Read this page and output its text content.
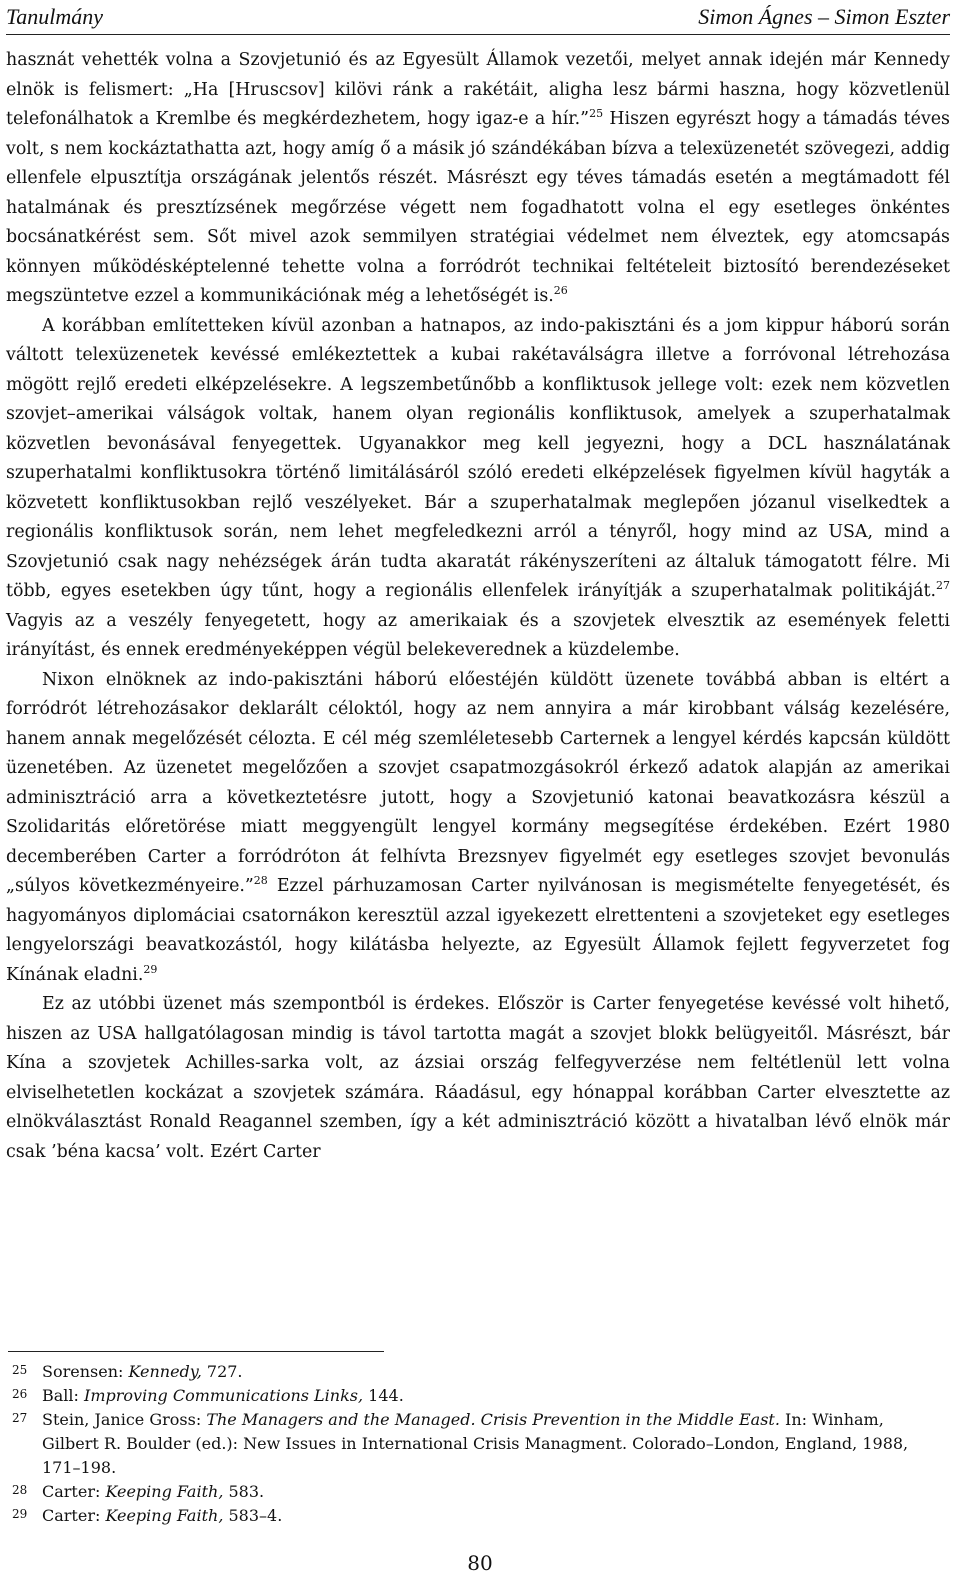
Tanulmány	Simon Ágnes – Simon Eszter

hasznát vehették volna a Szovjetunió és az Egyesült Államok vezetői, melyet annak idején már Kennedy elnök is felismert: „Ha [Hruscsov] kilövi ránk a rakétáit, aligha lesz bármi haszna, hogy közvetlenül telefonálhatok a Kremlbe és megkérdezhetem, hogy igaz-e a hír.”$^{25}$ Hiszen egyrészt hogy a támadás téves volt, s nem kockáztathatta azt, hogy amíg ő a másik jó szándékában bízva a telexüzenetét szövegezi, addig ellenfele elpusztítja országának jelentős részét. Másrészt egy téves támadás esetén a megtámadott fél hatalmának és presztízsének megőrzése végett nem fogadhatott volna el egy esetleges önkéntes bocsánatkérést sem. Sőt mivel azok semmilyen stratégiai védelmet nem élveztek, egy atomcsapás könnyen működésképtelenné tehette volna a forródrót technikai feltételeit biztosító berendezéseket megszüntetve ezzel a kommunikációnak még a lehetőségét is.$^{26}$

A korábban említetteken kívül azonban a hatnapos, az indo-pakisztáni és a jom kippur háború során váltott telexüzenetek kevéssé emlékeztettek a kubai rakétaválságra illetve a forróvonal létrehozása mögött rejlő eredeti elképzelésekre. A legszembetűnőbb a konfliktusok jellege volt: ezek nem közvetlen szovjet–amerikai válságok voltak, hanem olyan regionális konfliktusok, amelyek a szuperhatalmak közvetlen bevonásával fenyegettek. Ugyanakkor meg kell jegyezni, hogy a DCL használatának szuperhatalmi konfliktusokra történő limitálásáról szóló eredeti elképzelések figyelmen kívül hagyták a közvetett konfliktusokban rejlő veszélyeket. Bár a szuperhatalmak meglepően józanul viselkedtek a regionális konfliktusok során, nem lehet megfeledkezni arról a tényről, hogy mind az USA, mind a Szovjetunió csak nagy nehézségek árán tudta akaratát rákényszeríteni az általuk támogatott félre. Mi több, egyes esetekben úgy tűnt, hogy a regionális ellenfelek irányítják a szuperhatalmak politikáját.$^{27}$ Vagyis az a veszély fenyegetett, hogy az amerikaiak és a szovjetek elvesztik az események feletti irányítást, és ennek eredményeképpen végül belekeverednek a küzdelembe.

Nixon elnöknek az indo-pakisztáni háború előestéjén küldött üzenete továbbá abban is eltért a forródrót létrehozásakor deklarált céloktól, hogy az nem annyira a már kirobbant válság kezelésére, hanem annak megelőzését célozta. E cél még szemléletesebb Carternek a lengyel kérdés kapcsán küldött üzenetében. Az üzenetet megelőzően a szovjet csapatmozgásokról érkező adatok alapján az amerikai adminisztráció arra a következtetésre jutott, hogy a Szovjetunió katonai beavatkozásra készül a Szolidaritás előretörése miatt meggyengült lengyel kormány megsegítése érdekében. Ezért 1980 decemberében Carter a forródróton át felhívta Brezsnyev figyelmét egy esetleges szovjet bevonulás „súlyos következményeire.”$^{28}$ Ezzel párhuzamosan Carter nyilvánosan is megismételte fenyegetését, és hagyományos diplomáciai csatornákon keresztül azzal igyekezett elrettenteni a szovjeteket egy esetleges lengyelországi beavatkozástól, hogy kilátásba helyezte, az Egyesült Államok fejlett fegyverzetet fog Kínának eladni.$^{29}$

Ez az utóbbi üzenet más szempontból is érdekes. Először is Carter fenyegetése kevéssé volt hihető, hiszen az USA hallgatólagosan mindig is távol tartotta magát a szovjet blokk belügyeitől. Másrészt, bár Kína a szovjetek Achilles-sarka volt, az ázsiai ország felfegyverzése nem feltétlenül lett volna elviselhetetlen kockázat a szovjetek számára. Ráadásul, egy hónappal korábban Carter elvesztette az elnökválasztást Ronald Reagannel szemben, így a két adminisztráció között a hivatalban lévő elnök már csak ’béna kacsa’ volt. Ezért Carter

25 Sorensen: Kennedy, 727.
26 Ball: Improving Communications Links, 144.
27 Stein, Janice Gross: The Managers and the Managed. Crisis Prevention in the Middle East. In: Winham, Gilbert R. Boulder (ed.): New Issues in International Crisis Managment. Colorado–London, England, 1988, 171–198.
28 Carter: Keeping Faith, 583.
29 Carter: Keeping Faith, 583–4.
80
